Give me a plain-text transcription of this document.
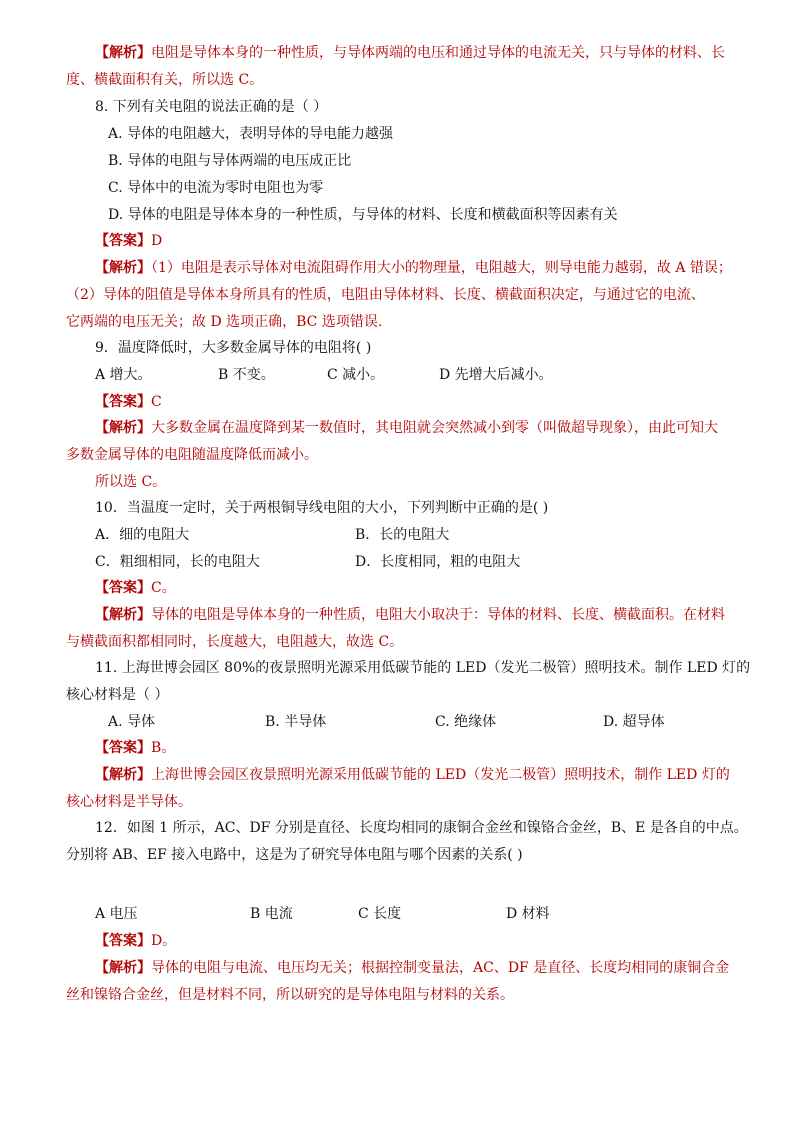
【解析】电阻是导体本身的一种性质，与导体两端的电压和通过导体的电流无关，只与导体的材料、长
度、横截面积有关，所以选 C。
8. 下列有关电阻的说法正确的是（ ）
A. 导体的电阻越大，表明导体的导电能力越强
B. 导体的电阻与导体两端的电压成正比
C. 导体中的电流为零时电阻也为零
D. 导体的电阻是导体本身的一种性质，与导体的材料、长度和横截面积等因素有关
【答案】D
【解析】（1）电阻是表示导体对电流阻碍作用大小的物理量，电阻越大，则导电能力越弱，故 A 错误；
（2）导体的阻值是导体本身所具有的性质，电阻由导体材料、长度、横截面积决定，与通过它的电流、
它两端的电压无关；故 D 选项正确，BC 选项错误.
9．温度降低时，大多数金属导体的电阻将( )
A 增大。	B 不变。	C 减小。	D 先增大后减小。
【答案】C
【解析】大多数金属在温度降到某一数值时，其电阻就会突然减小到零（叫做超导现象），由此可知大
多数金属导体的电阻随温度降低而减小。
所以选 C。
10．当温度一定时，关于两根铜导线电阻的大小，下列判断中正确的是( )
A．细的电阻大	B．长的电阻大
C．粗细相同，长的电阻大	D．长度相同，粗的电阻大
【答案】C。
【解析】导体的电阻是导体本身的一种性质，电阻大小取决于：导体的材料、长度、横截面积。在材料
与横截面积都相同时，长度越大，电阻越大，故选 C。
11. 上海世博会园区 80%的夜景照明光源采用低碳节能的 LED（发光二极管）照明技术。制作 LED 灯的
核心材料是（ ）
A. 导体	B. 半导体	C. 绝缘体	D. 超导体
【答案】B。
【解析】上海世博会园区夜景照明光源采用低碳节能的 LED（发光二极管）照明技术，制作 LED 灯的
核心材料是半导体。
12．如图 1 所示，AC、DF 分别是直径、长度均相同的康铜合金丝和镍铬合金丝，B、E 是各自的中点。
分别将 AB、EF 接入电路中，这是为了研究导体电阻与哪个因素的关系( )
A 电压	B 电流	C 长度	D 材料
【答案】D。
【解析】导体的电阻与电流、电压均无关；根据控制变量法，AC、DF 是直径、长度均相同的康铜合金
丝和镍铬合金丝，但是材料不同，所以研究的是导体电阻与材料的关系。
